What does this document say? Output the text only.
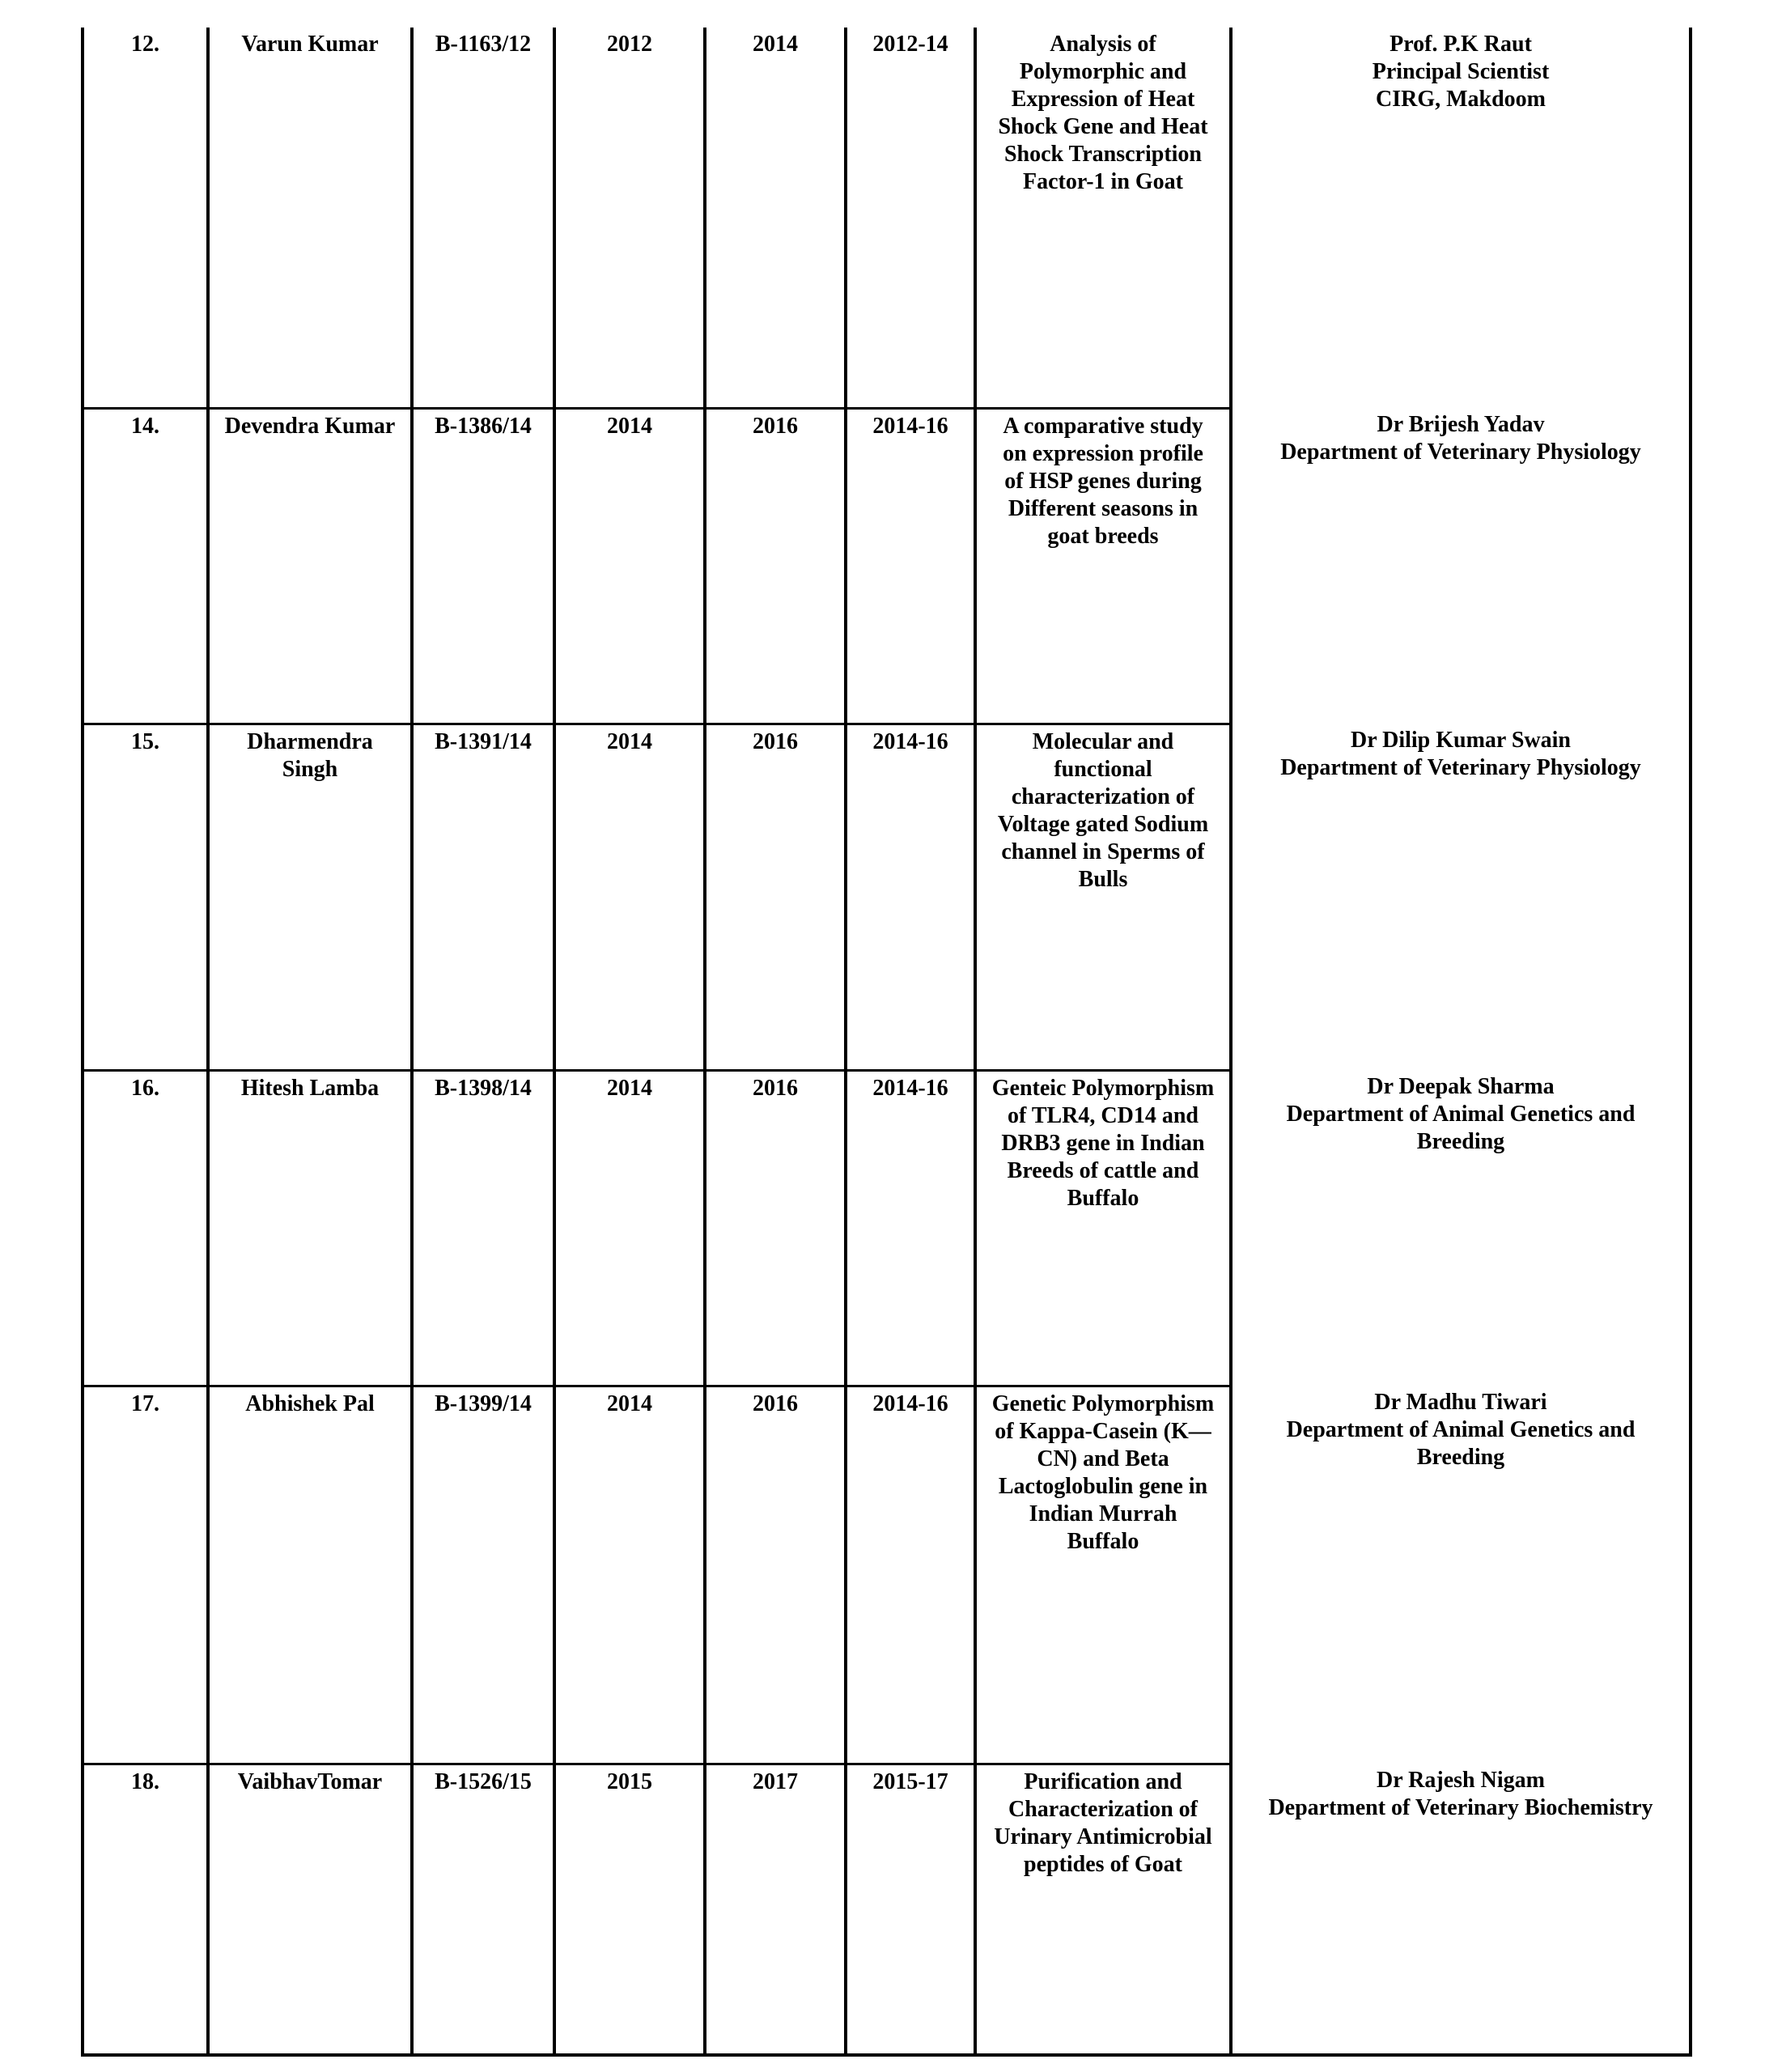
12.	Varun Kumar	B-1163/12	2012	2014	2012-14	Analysis of Polymorphic and Expression of Heat Shock Gene and Heat Shock Transcription Factor-1 in Goat	Prof. P.K Raut
Principal Scientist
CIRG, Makdoom

14.	Devendra Kumar	B-1386/14	2014	2016	2014-16	A comparative study on expression profile of HSP genes during Different seasons in goat breeds	Dr Brijesh Yadav
Department of Veterinary Physiology

15.	Dharmendra Singh	B-1391/14	2014	2016	2014-16	Molecular and functional characterization of Voltage gated Sodium channel in Sperms of Bulls	Dr Dilip Kumar Swain
Department of Veterinary Physiology

16.	Hitesh Lamba	B-1398/14	2014	2016	2014-16	Genteic Polymorphism of TLR4, CD14 and DRB3 gene in Indian Breeds of cattle and Buffalo	Dr Deepak Sharma
Department of Animal Genetics and Breeding

17.	Abhishek Pal	B-1399/14	2014	2016	2014-16	Genetic Polymorphism of Kappa-Casein (K—CN) and Beta Lactoglobulin gene in Indian Murrah Buffalo	Dr Madhu Tiwari
Department of Animal Genetics and Breeding

18.	VaibhavTomar	B-1526/15	2015	2017	2015-17	Purification and Characterization of Urinary Antimicrobial peptides of Goat	Dr Rajesh Nigam
Department of Veterinary Biochemistry
